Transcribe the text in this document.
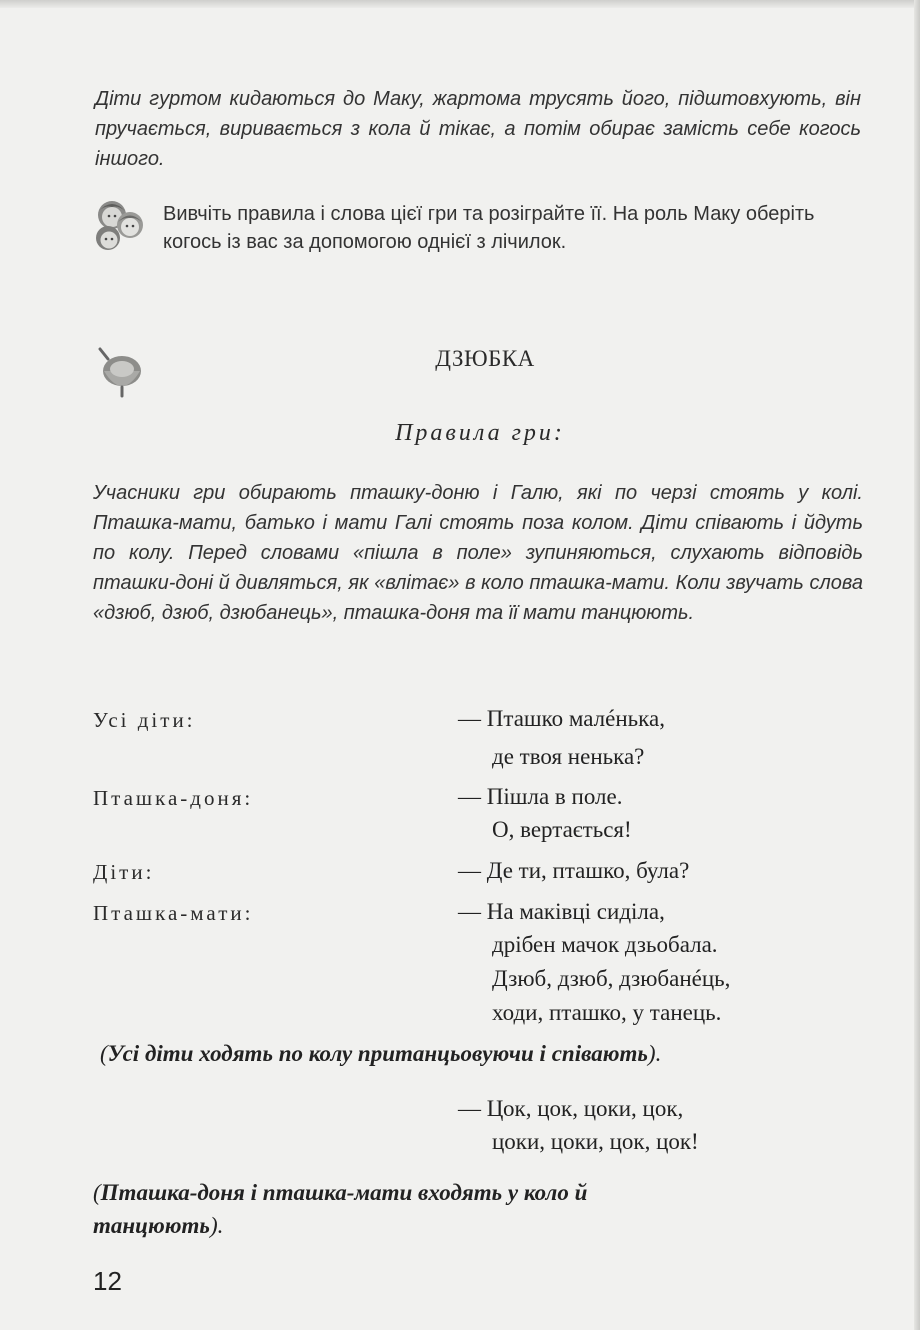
Діти гуртом кидаються до Маку, жартома трусять його, підштовхують, він пручається, виривається з кола й тікає, а потім обирає замість себе когось іншого.
Вивчіть правила і слова цієї гри та розіграйте її. На роль Маку оберіть когось із вас за допомогою однієї з лічилок.
ДЗЮБКА
Правила гри:
Учасники гри обирають пташку-доню і Галю, які по черзі стоять у колі. Пташка-мати, батько і мати Галі стоять поза колом. Діти співають і йдуть по колу. Перед словами «пішла в поле» зупиняються, слухають відповідь пташки-доні й дивляться, як «влітає» в коло пташка-мати. Коли звучать слова «дзюб, дзюб, дзюбанець», пташка-доня та її мати танцюють.
Усі діти:	— Пташко малéнька,
де твоя ненька?
Пташка-доня:	— Пішла в поле.
О, вертається!
Діти:	— Де ти, пташко, була?
Пташка-мати:	— На маківці сиділа,
дрібен мачок дзьобала.
Дзюб, дзюб, дзюбанéць,
ходи, пташко, у танець.
(Усі діти ходять по колу пританцьовуючи і співають).
— Цок, цок, цоки, цок,
цоки, цоки, цок, цок!
(Пташка-доня і пташка-мати входять у коло й
танцюють).
12
